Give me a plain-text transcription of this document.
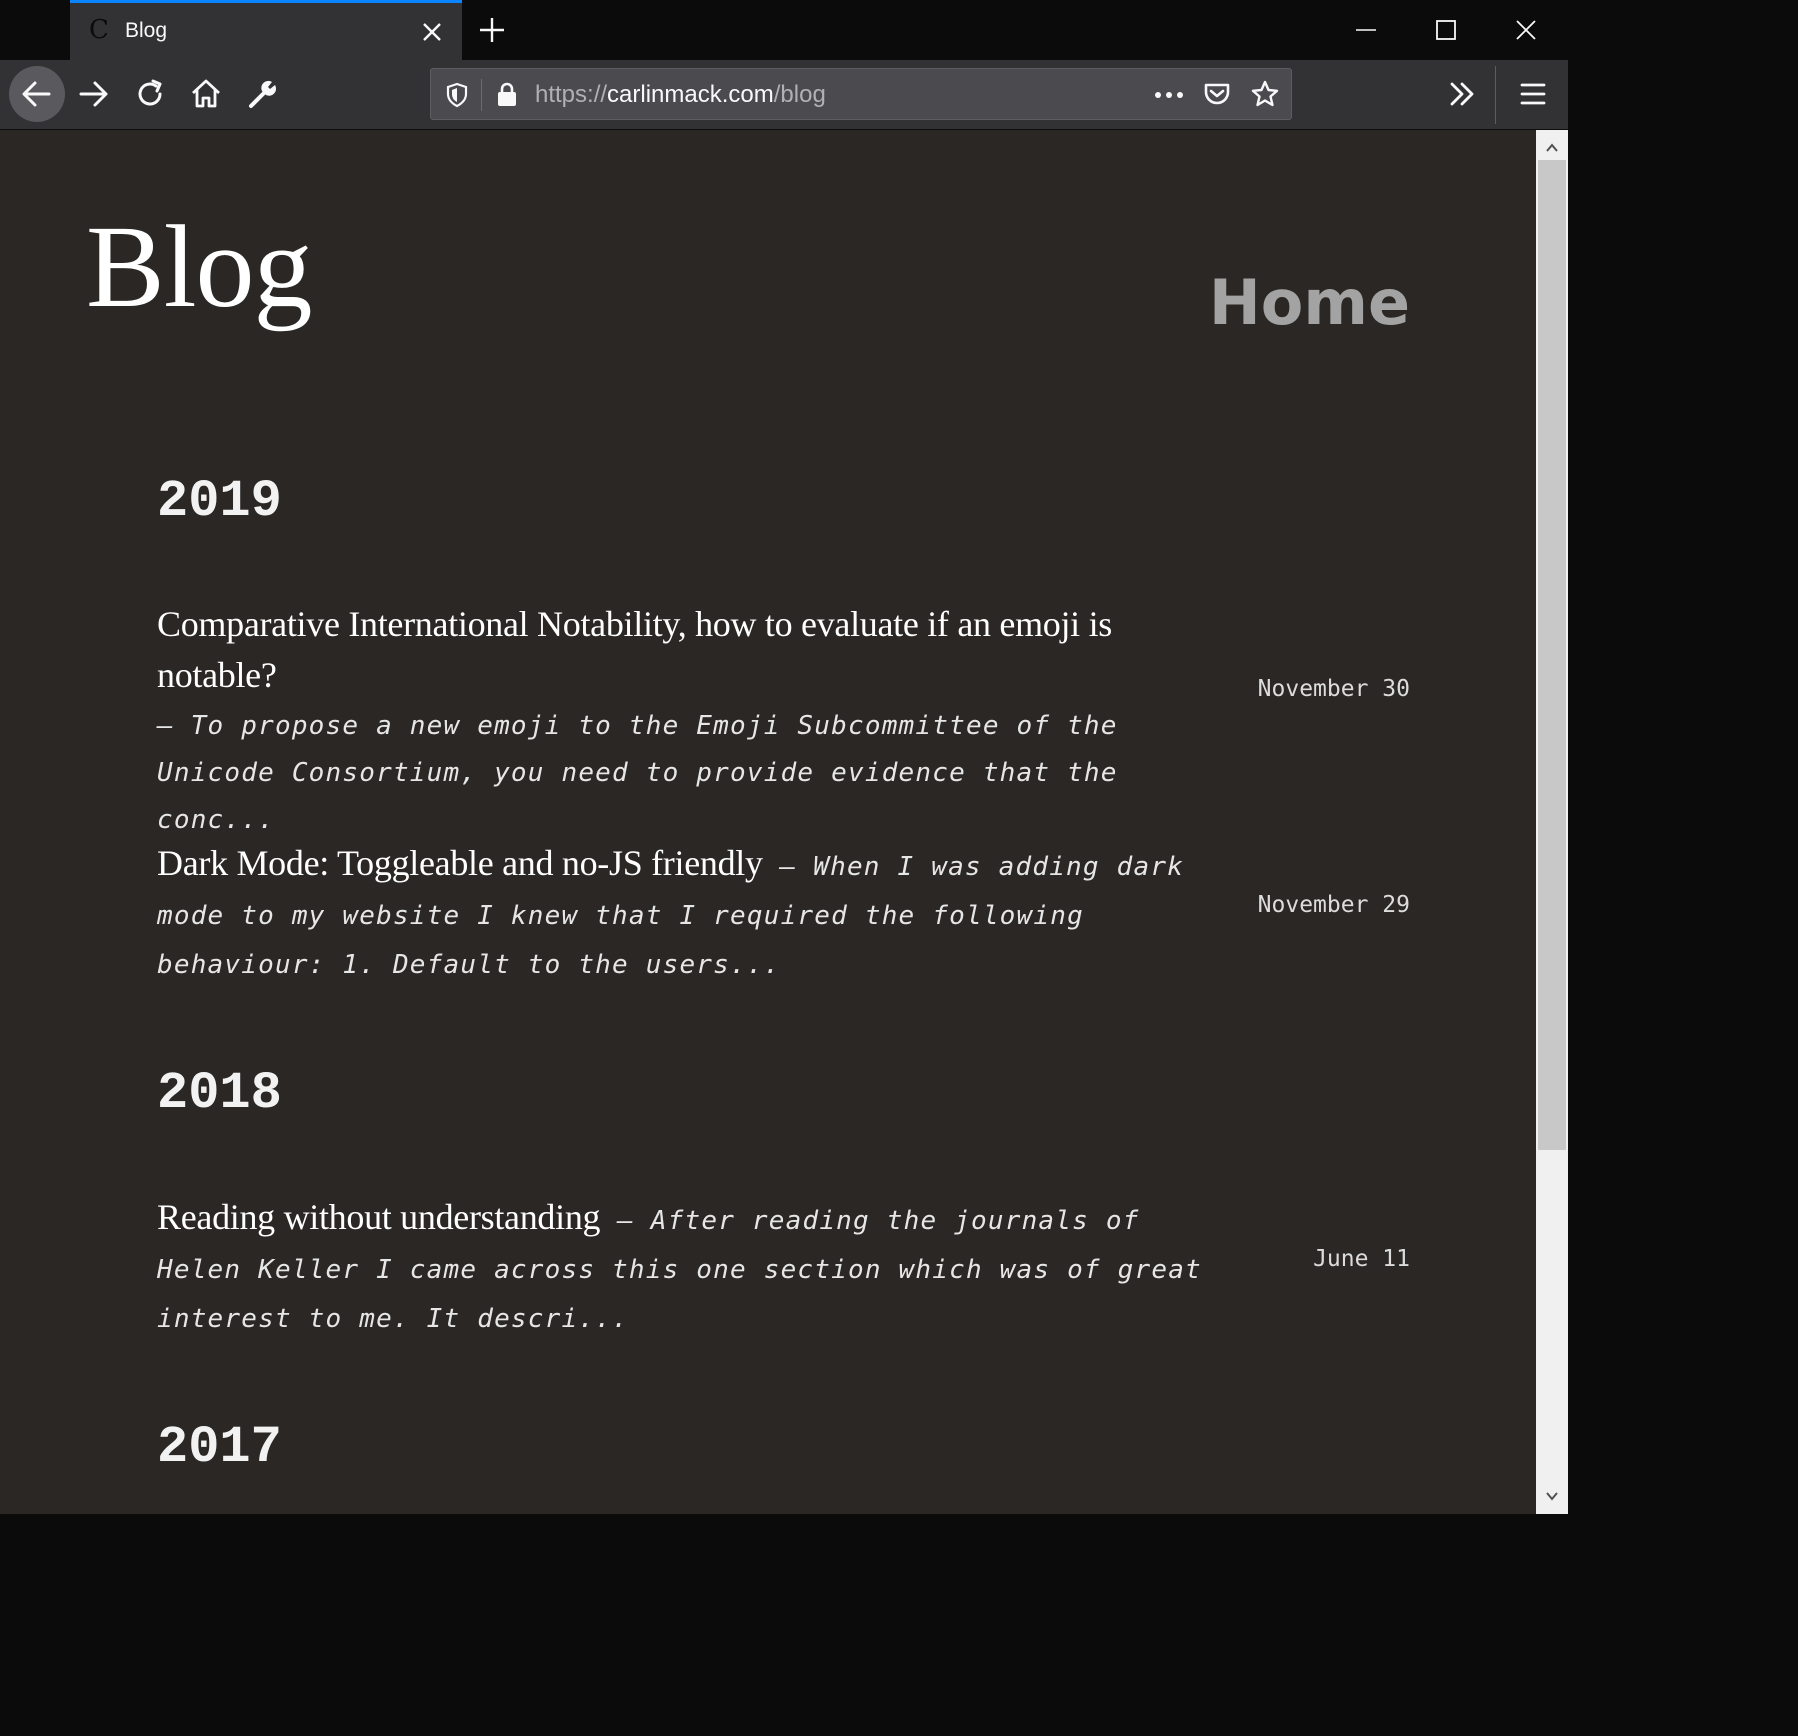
C Blog
https://carlinmack.com/blog
Blog	Home
2019
Comparative International Notability, how to evaluate if an emoji is notable?
— To propose a new emoji to the Emoji Subcommittee of the Unicode Consortium, you need to provide evidence that the conc...
November 30
Dark Mode: Toggleable and no-JS friendly — When I was adding dark mode to my website I knew that I required the following behaviour: 1. Default to the users...
November 29
2018
Reading without understanding — After reading the journals of Helen Keller I came across this one section which was of great interest to me. It descri...
June 11
2017
